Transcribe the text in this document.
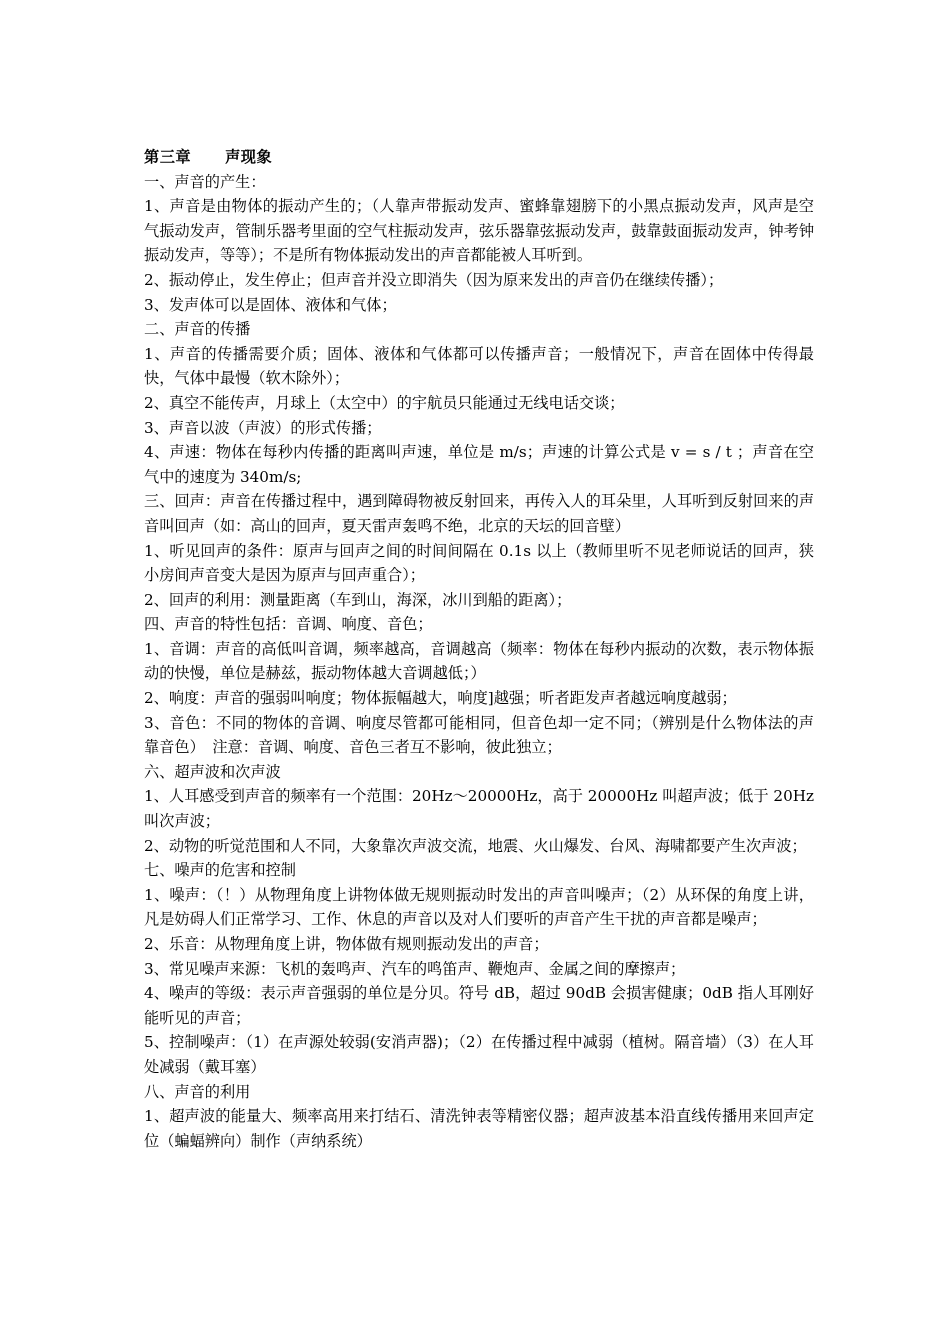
第三章 声现象

一、声音的产生：

1、声音是由物体的振动产生的；（人靠声带振动发声、蜜蜂靠翅膀下的小黑点振动发声，风声是空气振动发声，管制乐器考里面的空气柱振动发声，弦乐器靠弦振动发声，鼓靠鼓面振动发声，钟考钟振动发声，等等）；不是所有物体振动发出的声音都能被人耳听到。

2、振动停止，发生停止；但声音并没立即消失（因为原来发出的声音仍在继续传播）；

3、发声体可以是固体、液体和气体；

二、声音的传播

1、声音的传播需要介质；固体、液体和气体都可以传播声音；一般情况下，声音在固体中传得最快，气体中最慢（软木除外）；

2、真空不能传声，月球上（太空中）的宇航员只能通过无线电话交谈；

3、声音以波（声波）的形式传播；

4、声速：物体在每秒内传播的距离叫声速，单位是 m/s；声速的计算公式是 v = s / t ；声音在空气中的速度为 340m/s;

三、回声：声音在传播过程中，遇到障碍物被反射回来，再传入人的耳朵里，人耳听到反射回来的声音叫回声（如：高山的回声，夏天雷声轰鸣不绝，北京的天坛的回音壁）

1、听见回声的条件：原声与回声之间的时间间隔在 0.1s 以上（教师里听不见老师说话的回声，狭小房间声音变大是因为原声与回声重合）；

2、回声的利用：测量距离（车到山，海深，冰川到船的距离）；

四、声音的特性包括：音调、响度、音色；

1、音调：声音的高低叫音调，频率越高，音调越高（频率：物体在每秒内振动的次数，表示物体振动的快慢，单位是赫兹，振动物体越大音调越低；）

2、响度：声音的强弱叫响度；物体振幅越大，响度]越强；听者距发声者越远响度越弱；

3、音色：不同的物体的音调、响度尽管都可能相同，但音色却一定不同；（辨别是什么物体法的声靠音色）　注意：音调、响度、音色三者互不影响，彼此独立；

六、超声波和次声波

1、人耳感受到声音的频率有一个范围：20Hz～20000Hz，高于 20000Hz 叫超声波；低于 20Hz 叫次声波；

2、动物的听觉范围和人不同，大象靠次声波交流，地震、火山爆发、台风、海啸都要产生次声波；

七、噪声的危害和控制

1、噪声：（！）从物理角度上讲物体做无规则振动时发出的声音叫噪声；（2）从环保的角度上讲，凡是妨碍人们正常学习、工作、休息的声音以及对人们要听的声音产生干扰的声音都是噪声；

2、乐音：从物理角度上讲，物体做有规则振动发出的声音；

3、常见噪声来源：飞机的轰鸣声、汽车的鸣笛声、鞭炮声、金属之间的摩擦声；

4、噪声的等级：表示声音强弱的单位是分贝。符号 dB，超过 90dB 会损害健康；0dB 指人耳刚好能听见的声音；

5、控制噪声：（1）在声源处较弱(安消声器)；（2）在传播过程中减弱（植树。隔音墙）（3）在人耳处减弱（戴耳塞）

八、声音的利用

1、超声波的能量大、频率高用来打结石、清洗钟表等精密仪器；超声波基本沿直线传播用来回声定位（蝙蝠辨向）制作（声纳系统）
